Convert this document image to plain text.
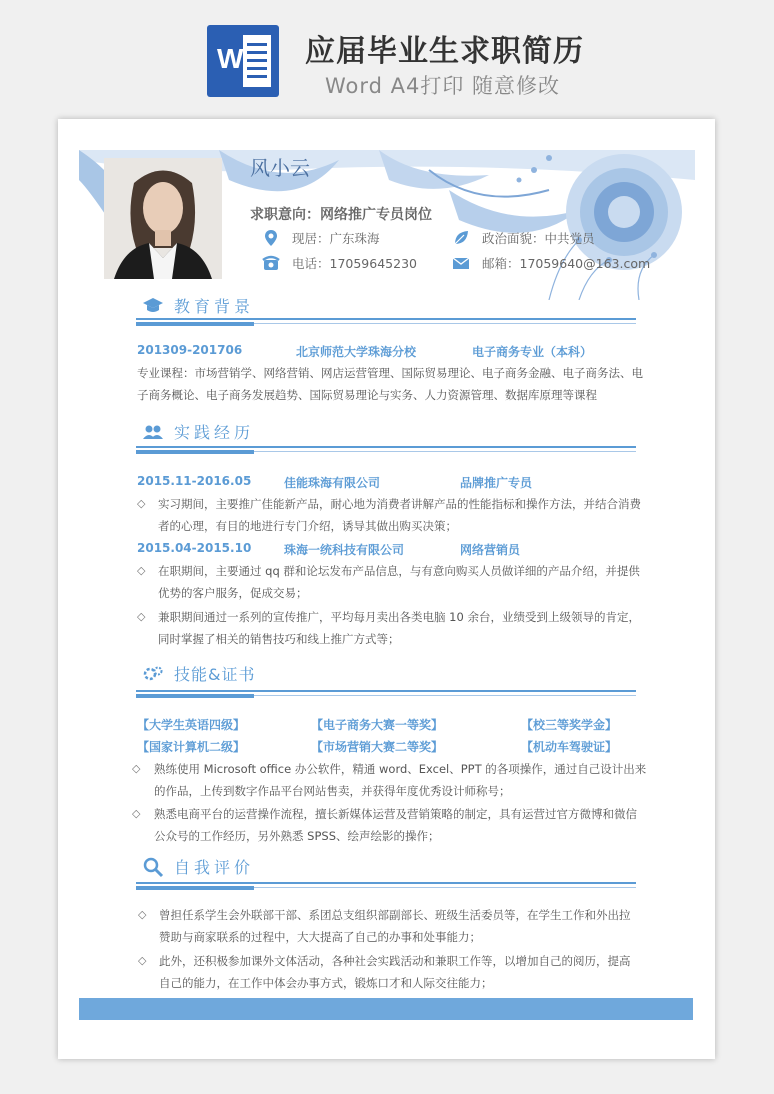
W 应届毕业生求职简历
Word A4打印 随意修改
风小云
求职意向：网络推广专员岗位
现居：广东珠海	政治面貌：中共党员
电话：17059645230	邮箱：17059640@163.com
教育背景
201309-201706	北京师范大学珠海分校	电子商务专业（本科）
专业课程：市场营销学、网络营销、网店运营管理、国际贸易理论、电子商务金融、电子商务法、电
子商务概论、电子商务发展趋势、国际贸易理论与实务、人力资源管理、数据库原理等课程
实践经历
2015.11-2016.05	佳能珠海有限公司	品牌推广专员
◇	实习期间，主要推广佳能新产品，耐心地为消费者讲解产品的性能指标和操作方法，并结合消费
者的心理，有目的地进行专门介绍，诱导其做出购买决策；
2015.04-2015.10	珠海一统科技有限公司	网络营销员
◇	在职期间，主要通过 qq 群和论坛发布产品信息，与有意向购买人员做详细的产品介绍，并提供
优势的客户服务，促成交易；
◇	兼职期间通过一系列的宣传推广，平均每月卖出各类电脑 10 余台，业绩受到上级领导的肯定，
同时掌握了相关的销售技巧和线上推广方式等；
技能&证书
【大学生英语四级】	【电子商务大赛一等奖】	【校三等奖学金】
【国家计算机二级】	【市场营销大赛二等奖】	【机动车驾驶证】
◇	熟练使用 Microsoft office 办公软件，精通 word、Excel、PPT 的各项操作，通过自己设计出来
的作品，上传到数字作品平台网站售卖，并获得年度优秀设计师称号；
◇	熟悉电商平台的运营操作流程，擅长新媒体运营及营销策略的制定，具有运营过官方微博和微信
公众号的工作经历，另外熟悉 SPSS、绘声绘影的操作；
自我评价
◇	曾担任系学生会外联部干部、系团总支组织部副部长、班级生活委员等，在学生工作和外出拉
赞助与商家联系的过程中，大大提高了自己的办事和处事能力；
◇	此外，还积极参加课外文体活动，各种社会实践活动和兼职工作等，以增加自己的阅历，提高
自己的能力，在工作中体会办事方式，锻炼口才和人际交往能力；
